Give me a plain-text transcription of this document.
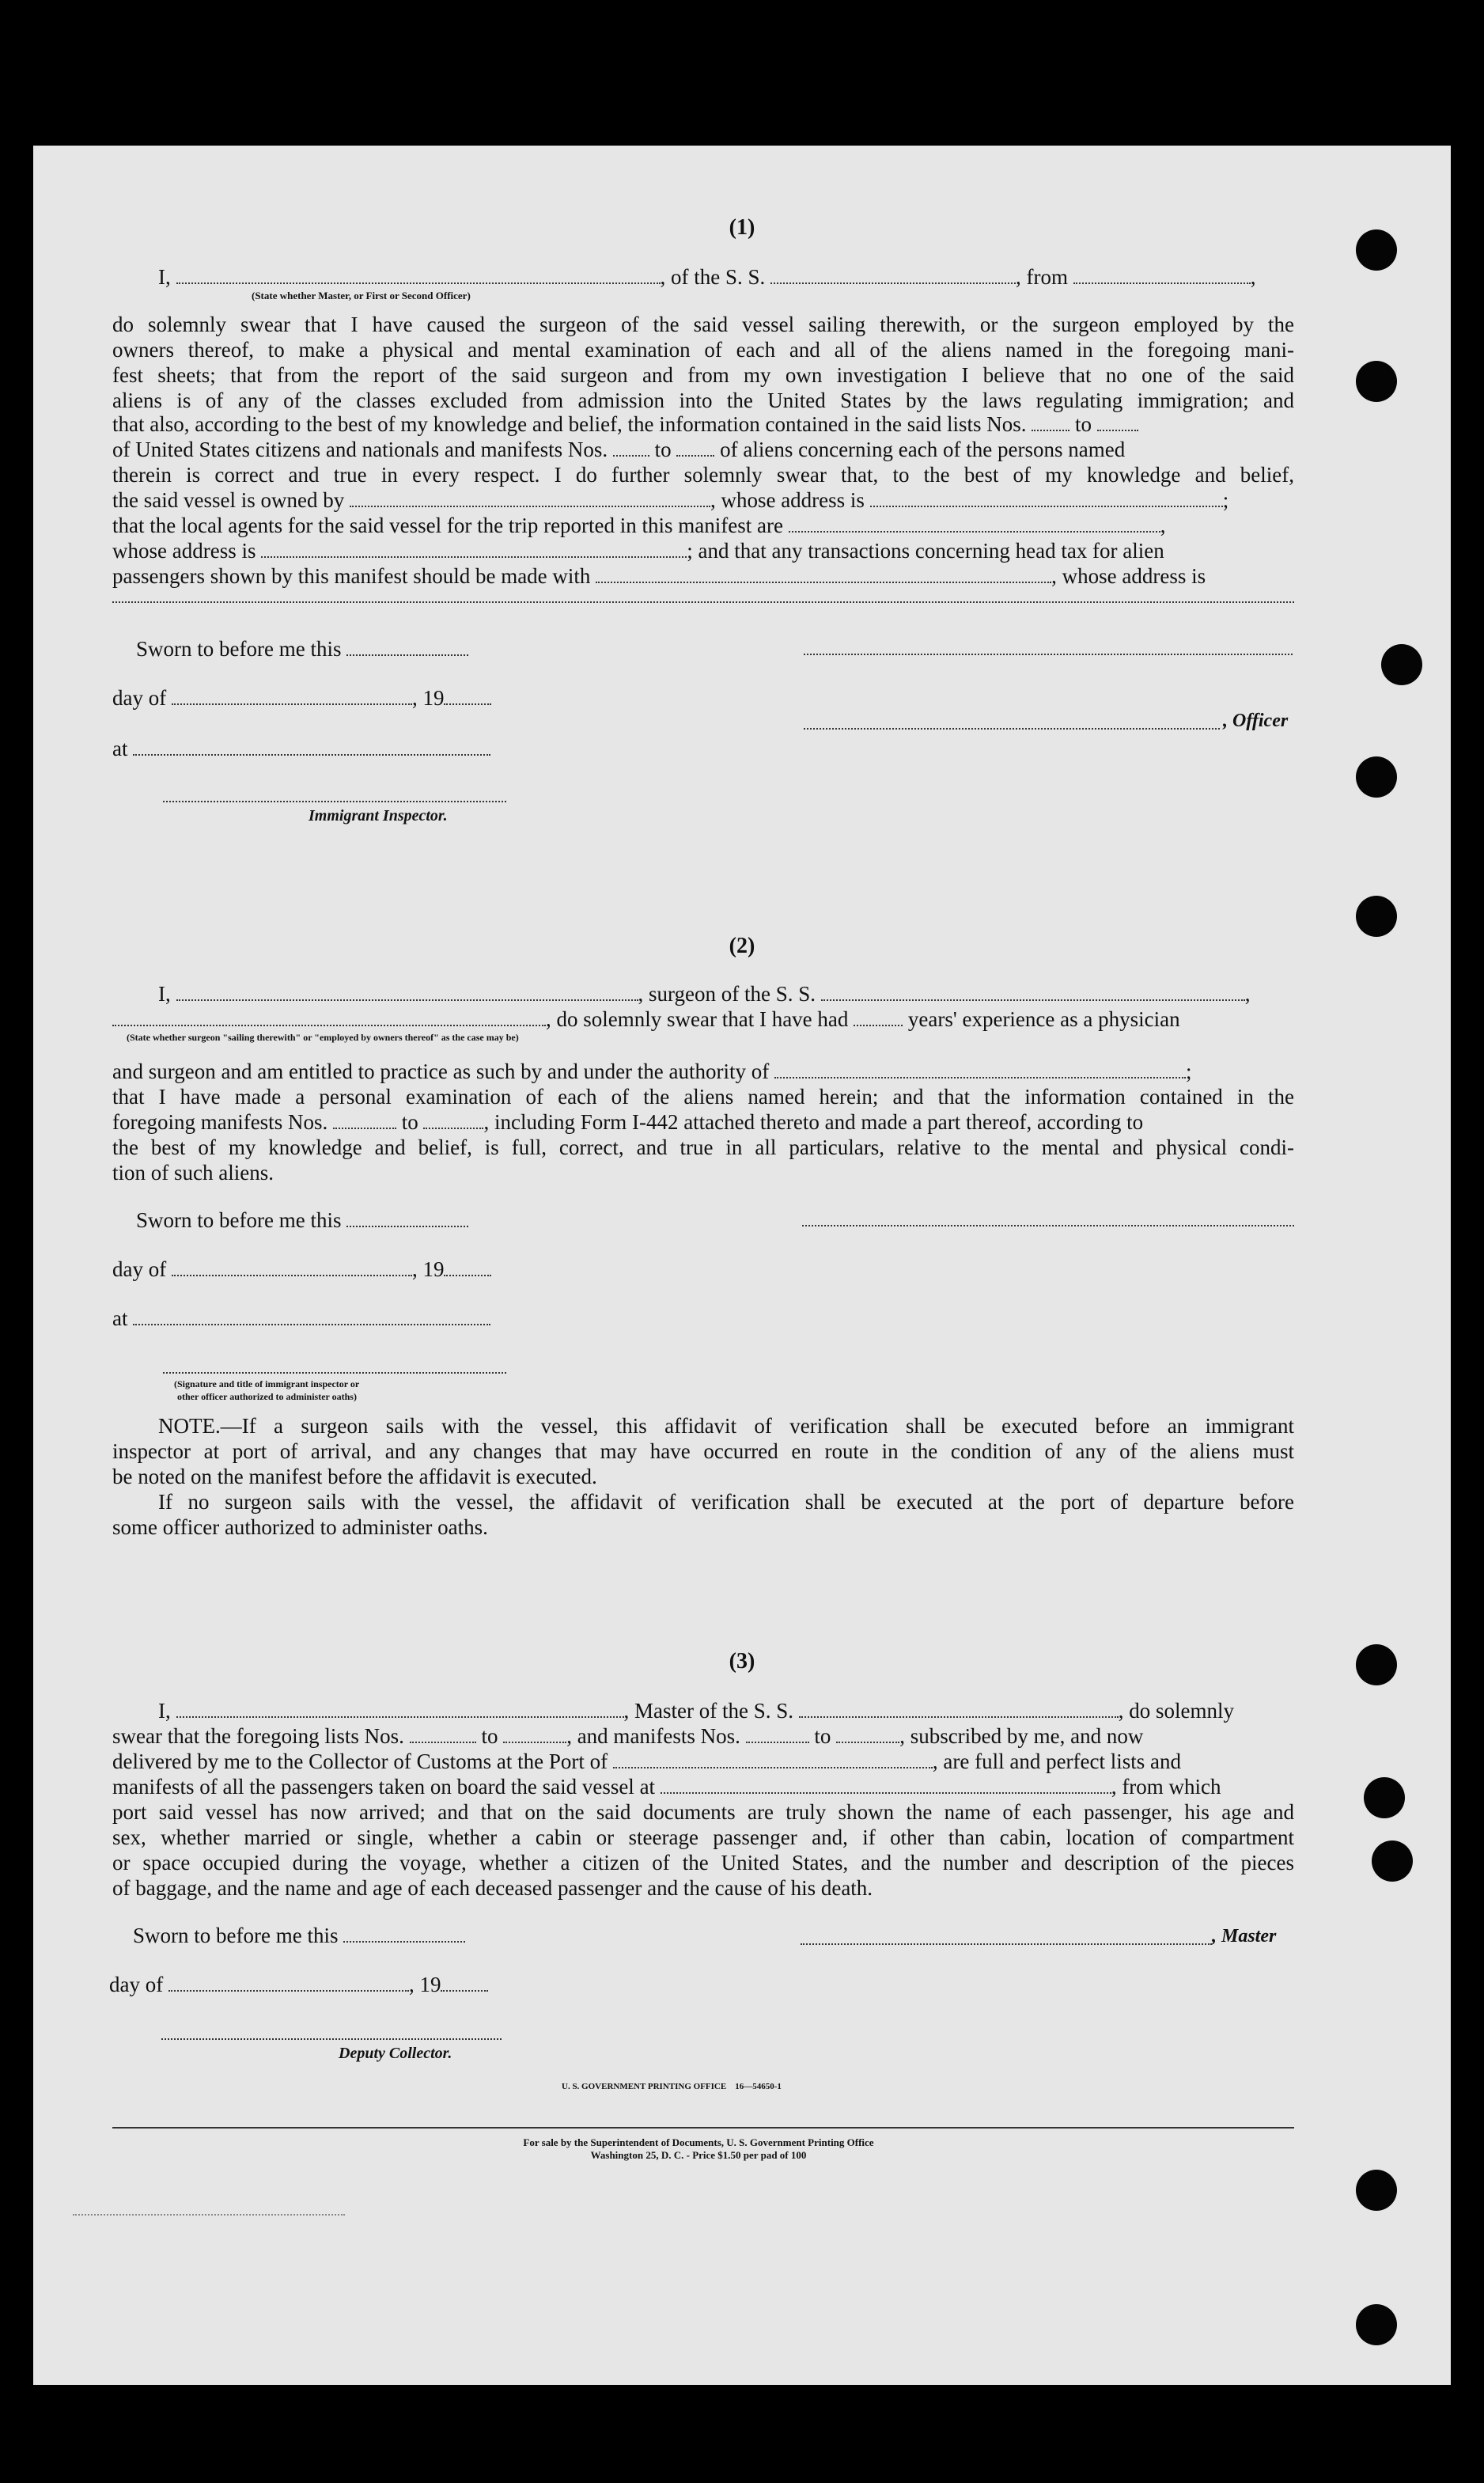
(1)
I,	, of the S. S.	, from	,
(State whether Master, or First or Second Officer)
do solemnly swear that I have caused the surgeon of the said vessel sailing therewith, or the surgeon employed by the
owners thereof, to make a physical and mental examination of each and all of the aliens named in the foregoing mani-
fest sheets; that from the report of the said surgeon and from my own investigation I believe that no one of the said
aliens is of any of the classes excluded from admission into the United States by the laws regulating immigration; and
that also, according to the best of my knowledge and belief, the information contained in the said lists Nos. to
of United States citizens and nationals and manifests Nos. to of aliens concerning each of the persons named
therein is correct and true in every respect. I do further solemnly swear that, to the best of my knowledge and belief,
the said vessel is owned by	, whose address is	;
that the local agents for the said vessel for the trip reported in this manifest are	,
whose address is	; and that any transactions concerning head tax for alien
passengers shown by this manifest should be made with	, whose address is
Sworn to before me this
day of	, 19
at
Immigrant Inspector.
, Officer
(2)
I,	, surgeon of the S. S.	,
, do solemnly swear that I have had	years' experience as a physician
(State whether surgeon "sailing therewith" or "employed by owners thereof" as the case may be)
and surgeon and am entitled to practice as such by and under the authority of	;
that I have made a personal examination of each of the aliens named herein; and that the information contained in the
foregoing manifests Nos.	to	, including Form I-442 attached thereto and made a part thereof, according to
the best of my knowledge and belief, is full, correct, and true in all particulars, relative to the mental and physical condi-
tion of such aliens.
Sworn to before me this
day of	, 19
at
(Signature and title of immigrant inspector or
other officer authorized to administer oaths)
NOTE.—If a surgeon sails with the vessel, this affidavit of verification shall be executed before an immigrant
inspector at port of arrival, and any changes that may have occurred en route in the condition of any of the aliens must
be noted on the manifest before the affidavit is executed.
If no surgeon sails with the vessel, the affidavit of verification shall be executed at the port of departure before
some officer authorized to administer oaths.
(3)
I,	, Master of the S. S.	, do solemnly
swear that the foregoing lists Nos.	to	, and manifests Nos.	to	, subscribed by me, and now
delivered by me to the Collector of Customs at the Port of	, are full and perfect lists and
manifests of all the passengers taken on board the said vessel at	, from which
port said vessel has now arrived; and that on the said documents are truly shown the name of each passenger, his age and
sex, whether married or single, whether a cabin or steerage passenger and, if other than cabin, location of compartment
or space occupied during the voyage, whether a citizen of the United States, and the number and description of the pieces
of baggage, and the name and age of each deceased passenger and the cause of his death.
Sworn to before me this	, Master
day of	, 19
Deputy Collector.
U. S. GOVERNMENT PRINTING OFFICE    16—54650-1
For sale by the Superintendent of Documents, U. S. Government Printing Office
Washington 25, D. C. - Price $1.50 per pad of 100
